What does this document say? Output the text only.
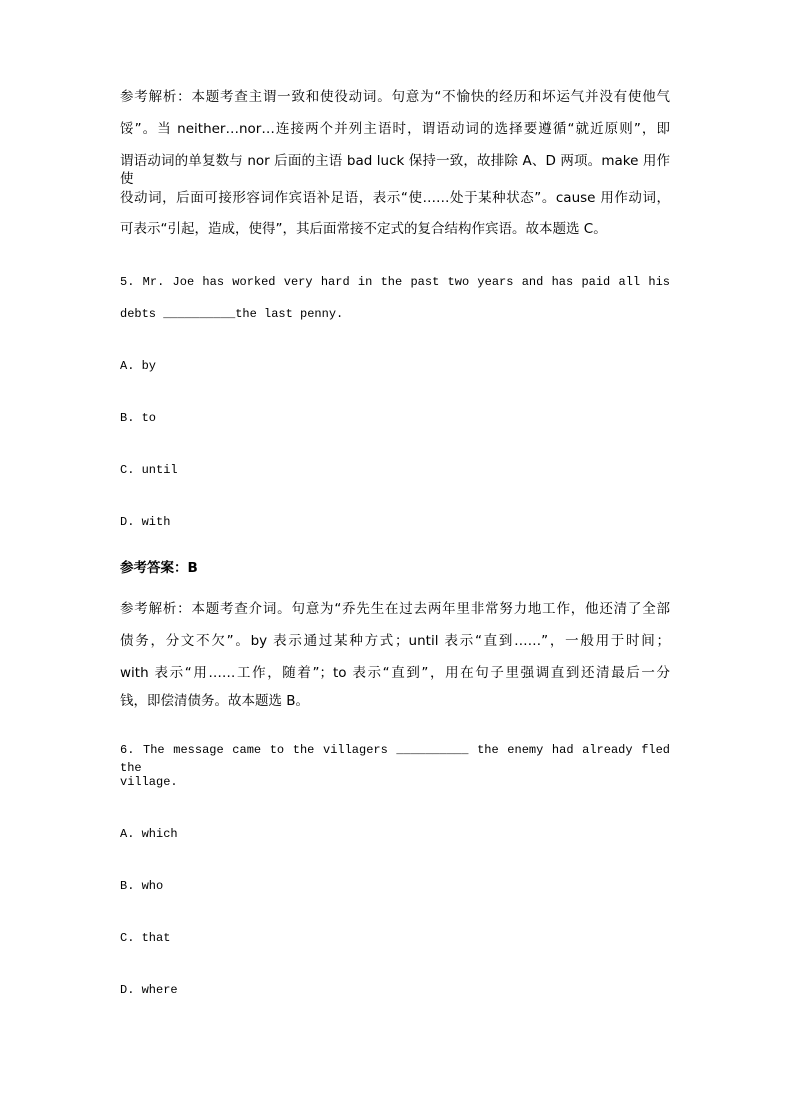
参考解析：本题考查主谓一致和使役动词。句意为“不愉快的经历和坏运气并没有使他气
馁”。当 neither…nor…连接两个并列主语时，谓语动词的选择要遵循“就近原则”，即
谓语动词的单复数与 nor 后面的主语 bad luck 保持一致，故排除 A、D 两项。make 用作使
役动词，后面可接形容词作宾语补足语，表示“使……处于某种状态”。cause 用作动词，
可表示“引起，造成，使得”，其后面常接不定式的复合结构作宾语。故本题选 C。
5. Mr. Joe has worked very hard in the past two years and has paid all his
debts __________the last penny.
A. by
B. to
C. until
D. with
参考答案：B
参考解析：本题考查介词。句意为“乔先生在过去两年里非常努力地工作，他还清了全部
债务，分文不欠”。by 表示通过某种方式；until 表示“直到……”，一般用于时间；
with 表示“用……工作，随着”；to 表示“直到”，用在句子里强调直到还清最后一分
钱，即偿清债务。故本题选 B。
6. The message came to the villagers __________ the enemy had already fled the
village.
A. which
B. who
C. that
D. where
